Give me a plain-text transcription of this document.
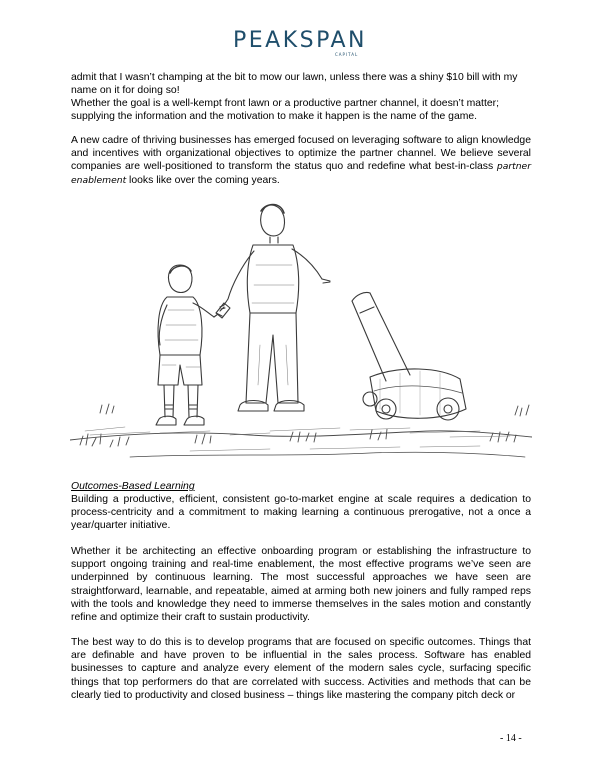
PEAKSPAN
CAPITAL

admit that I wasn’t champing at the bit to mow our lawn, unless there was a shiny $10 bill with my name on it for doing so!

Whether the goal is a well-kempt front lawn or a productive partner channel, it doesn’t matter; supplying the information and the motivation to make it happen is the name of the game.

A new cadre of thriving businesses has emerged focused on leveraging software to align knowledge and incentives with organizational objectives to optimize the partner channel. We believe several companies are well-positioned to transform the status quo and redefine what best-in-class partner enablement looks like over the coming years.

Outcomes-Based Learning

Building a productive, efficient, consistent go-to-market engine at scale requires a dedication to process-centricity and a commitment to making learning a continuous prerogative, not a once a year/quarter initiative.

Whether it be architecting an effective onboarding program or establishing the infrastructure to support ongoing training and real-time enablement, the most effective programs we’ve seen are underpinned by continuous learning. The most successful approaches we have seen are straightforward, learnable, and repeatable, aimed at arming both new joiners and fully ramped reps with the tools and knowledge they need to immerse themselves in the sales motion and constantly refine and optimize their craft to sustain productivity.

The best way to do this is to develop programs that are focused on specific outcomes. Things that are definable and have proven to be influential in the sales process. Software has enabled businesses to capture and analyze every element of the modern sales cycle, surfacing specific things that top performers do that are correlated with success. Activities and methods that can be clearly tied to productivity and closed business – things like mastering the company pitch deck or

- 14 -
